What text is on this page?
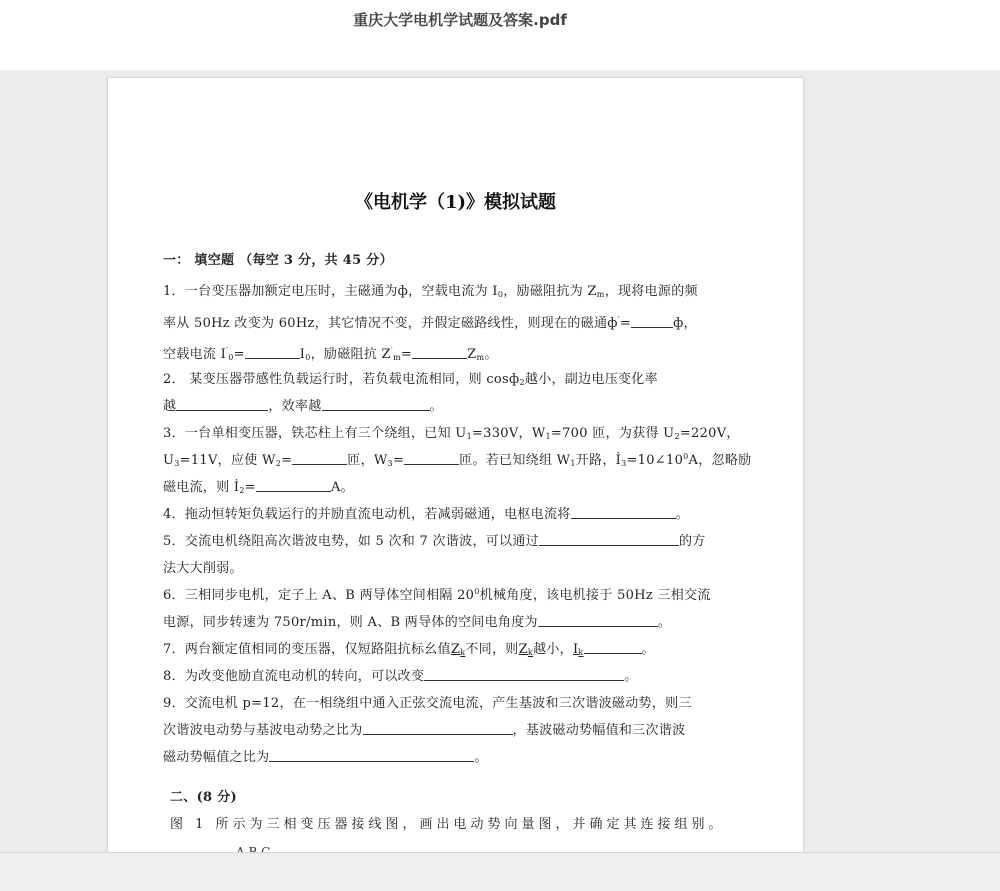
重庆大学电机学试题及答案.pdf
《电机学（1)》模拟试题
一： 填空题 （每空 3 分，共 45 分）
1．一台变压器加额定电压时，主磁通为ф，空载电流为 $I_0$，励磁阻抗为 $Z_m$，现将电源的频
率从 50Hz 改变为 60Hz，其它情况不变，并假定磁路线性，则现在的磁通ф′=	ф，
空载电流 $I'_0=$	$I_0$，励磁阻抗 $Z'_m=$	$Z_m$。
2． 某变压器带感性负载运行时，若负载电流相同，则 cosф$_2$越小，副边电压变化率
越	，效率越	。
3．一台单相变压器，铁芯柱上有三个绕组，已知 $U_1=330V$，$W_1=700$ 匝，为获得 $U_2=220V$，
$U_3=11V$，应使 $W_2=$	匝，$W_3=$	匝。若已知绕组 $W_1$开路，$İ_3=10\angle 10^0A$，忽略励
磁电流，则 $İ_2=$	A。
4．拖动恒转矩负载运行的并励直流电动机，若减弱磁通，电枢电流将	。
5．交流电机绕阻高次谐波电势，如 5 次和 7 次谐波，可以通过	的方
法大大削弱。
6．三相同步电机，定子上 A、B 两导体空间相隔 $20^0$机械角度，该电机接于 50Hz 三相交流
电源，同步转速为 750r/min，则 A、B 两导体的空间电角度为	。
7．两台额定值相同的变压器，仅短路阻抗标幺值$Z_k$不同，则$Z_k$越小，$I_k$	。
8．为改变他励直流电动机的转向，可以改变	。
9．交流电机 p=12，在一相绕组中通入正弦交流电流，产生基波和三次谐波磁动势，则三
次谐波电动势与基波电动势之比为	，基波磁动势幅值和三次谐波
磁动势幅值之比为	。
二、(8 分)
图 1 所示为三相变压器接线图，画出电动势向量图，并确定其连接组别。
